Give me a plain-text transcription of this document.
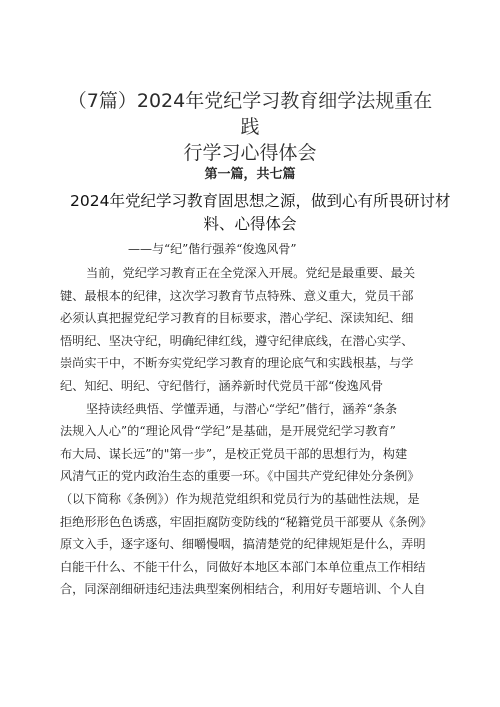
（7篇）2024年党纪学习教育细学法规重在践
行学习心得体会
第一篇，共七篇
2024年党纪学习教育固思想之源，做到心有所畏研讨材
料、心得体会
——与“纪”偕行强养“俊逸风骨”
当前，党纪学习教育正在全党深入开展。党纪是最重要、最关
键、最根本的纪律，这次学习教育节点特殊、意义重大，党员干部
必须认真把握党纪学习教育的目标要求，潜心学纪、深读知纪、细
悟明纪、坚决守纪，明确纪律红线，遵守纪律底线，在潜心实学、
崇尚实干中，不断夯实党纪学习教育的理论底气和实践根基，与学
纪、知纪、明纪、守纪偕行，涵养新时代党员干部“俊逸风骨
坚持读经典悟、学懂弄通，与潜心“学纪”偕行，涵养“条条
法规入人心”的“理论风骨“学纪”是基础，是开展党纪学习教育”
布大局、谋长远”的"第一步”，是校正党员干部的思想行为，构建
风清气正的党内政治生态的重要一环。《中国共产党纪律处分条例》
（以下简称《条例》）作为规范党组织和党员行为的基础性法规，是
拒绝形形色色诱惑，牢固拒腐防变防线的“秘籍党员干部要从《条例》
原文入手，逐字逐句、细嚼慢咽，搞清楚党的纪律规矩是什么，弄明
白能干什么、不能干什么，同做好本地区本部门本单位重点工作相结
合，同深剖细研违纪违法典型案例相结合，利用好专题培训、个人自
